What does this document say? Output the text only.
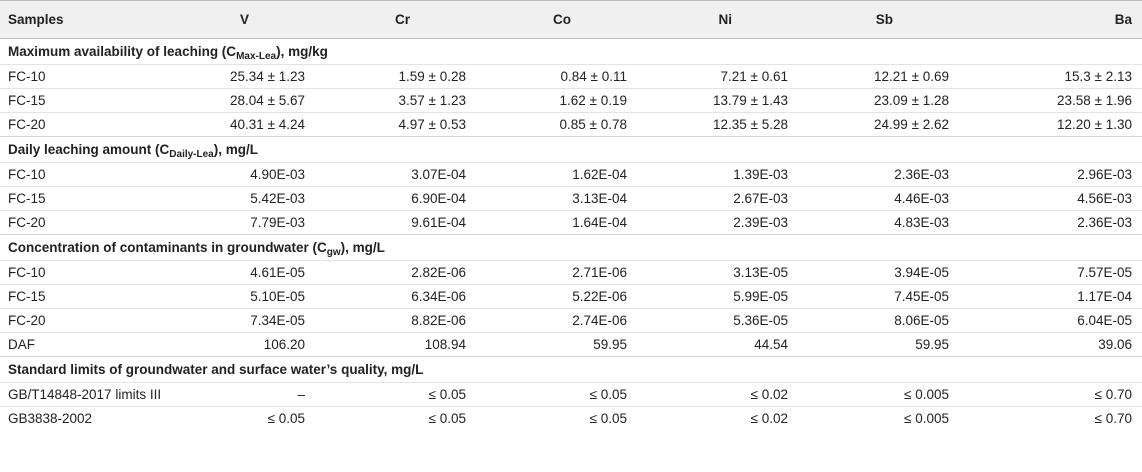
Samples	V	Cr	Co	Ni	Sb	Ba
Maximum availability of leaching $(C_{Max-Lea})$, mg/kg						
FC-10	25.34 ± 1.23	1.59 ± 0.28	0.84 ± 0.11	7.21 ± 0.61	12.21 ± 0.69	15.3 ± 2.13
FC-15	28.04 ± 5.67	3.57 ± 1.23	1.62 ± 0.19	13.79 ± 1.43	23.09 ± 1.28	23.58 ± 1.96
FC-20	40.31 ± 4.24	4.97 ± 0.53	0.85 ± 0.78	12.35 ± 5.28	24.99 ± 2.62	12.20 ± 1.30
Daily leaching amount $(C_{Daily-Lea})$, mg/L						
FC-10	4.90E-03	3.07E-04	1.62E-04	1.39E-03	2.36E-03	2.96E-03
FC-15	5.42E-03	6.90E-04	3.13E-04	2.67E-03	4.46E-03	4.56E-03
FC-20	7.79E-03	9.61E-04	1.64E-04	2.39E-03	4.83E-03	2.36E-03
Concentration of contaminants in groundwater $(C_{gw})$, mg/L						
FC-10	4.61E-05	2.82E-06	2.71E-06	3.13E-05	3.94E-05	7.57E-05
FC-15	5.10E-05	6.34E-06	5.22E-06	5.99E-05	7.45E-05	1.17E-04
FC-20	7.34E-05	8.82E-06	2.74E-06	5.36E-05	8.06E-05	6.04E-05
DAF	106.20	108.94	59.95	44.54	59.95	39.06
Standard limits of groundwater and surface water’s quality, mg/L						
GB/T14848-2017 limits III	–	≤ 0.05	≤ 0.05	≤ 0.02	≤ 0.005	≤ 0.70
GB3838-2002	≤ 0.05	≤ 0.05	≤ 0.05	≤ 0.02	≤ 0.005	≤ 0.70
